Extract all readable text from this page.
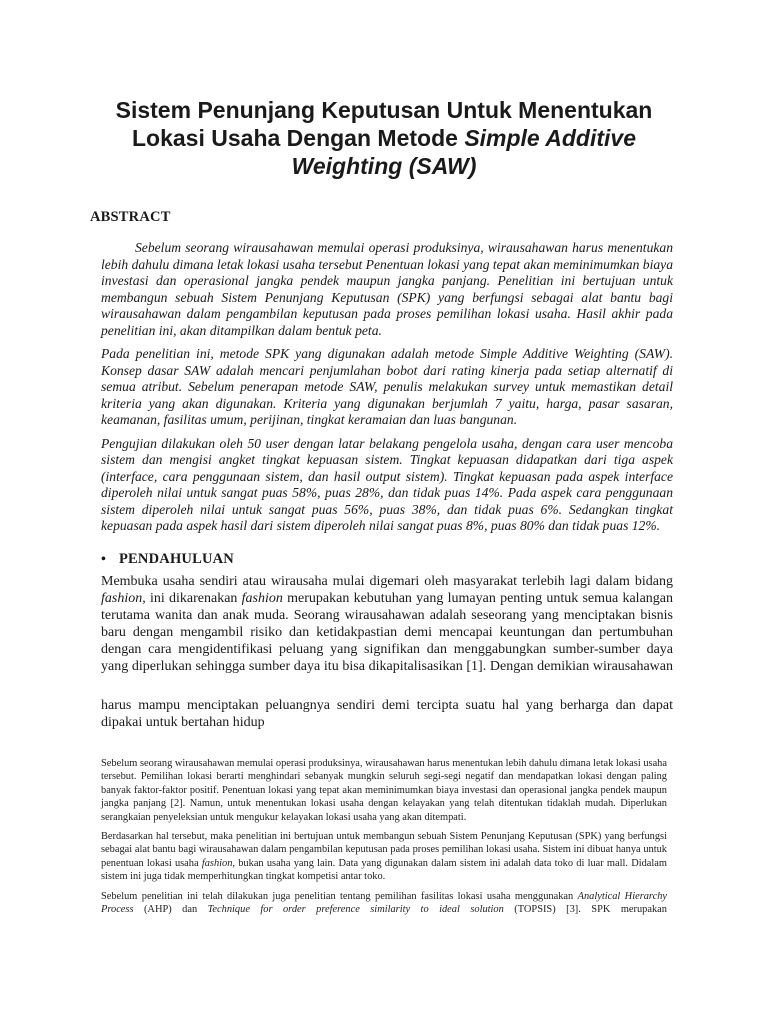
Sistem Penunjang Keputusan Untuk Menentukan
Lokasi Usaha Dengan Metode Simple Additive
Weighting (SAW)
ABSTRACT

Sebelum seorang wirausahawan memulai operasi produksinya, wirausahawan harus menentukan lebih dahulu dimana letak lokasi usaha tersebut Penentuan lokasi yang tepat akan meminimumkan biaya investasi dan operasional jangka pendek maupun jangka panjang. Penelitian ini bertujuan untuk membangun sebuah Sistem Penunjang Keputusan (SPK) yang berfungsi sebagai alat bantu bagi wirausahawan dalam pengambilan keputusan pada proses pemilihan lokasi usaha. Hasil akhir pada penelitian ini, akan ditampilkan dalam bentuk peta.

Pada penelitian ini, metode SPK yang digunakan adalah metode Simple Additive Weighting (SAW). Konsep dasar SAW adalah mencari penjumlahan bobot dari rating kinerja pada setiap alternatif di semua atribut. Sebelum penerapan metode SAW, penulis melakukan survey untuk memastikan detail kriteria yang akan digunakan. Kriteria yang digunakan berjumlah 7 yaitu, harga, pasar sasaran, keamanan, fasilitas umum, perijinan, tingkat keramaian dan luas bangunan.

Pengujian dilakukan oleh 50 user dengan latar belakang pengelola usaha, dengan cara user mencoba sistem dan mengisi angket tingkat kepuasan sistem. Tingkat kepuasan didapatkan dari tiga aspek (interface, cara penggunaan sistem, dan hasil output sistem). Tingkat kepuasan pada aspek interface diperoleh nilai untuk sangat puas 58%, puas 28%, dan tidak puas 14%. Pada aspek cara penggunaan sistem diperoleh nilai untuk sangat puas 56%, puas 38%, dan tidak puas 6%. Sedangkan tingkat kepuasan pada aspek hasil dari sistem diperoleh nilai sangat puas 8%, puas 80% dan tidak puas 12%.

• PENDAHULUAN

Membuka usaha sendiri atau wirausaha mulai digemari oleh masyarakat terlebih lagi dalam bidang fashion, ini dikarenakan fashion merupakan kebutuhan yang lumayan penting untuk semua kalangan terutama wanita dan anak muda. Seorang wirausahawan adalah seseorang yang menciptakan bisnis baru dengan mengambil risiko dan ketidakpastian demi mencapai keuntungan dan pertumbuhan dengan cara mengidentifikasi peluang yang signifikan dan menggabungkan sumber-sumber daya yang diperlukan sehingga sumber daya itu bisa dikapitalisasikan [1]. Dengan demikian wirausahawan

harus mampu menciptakan peluangnya sendiri demi tercipta suatu hal yang berharga dan dapat dipakai untuk bertahan hidup

Sebelum seorang wirausahawan memulai operasi produksinya, wirausahawan harus menentukan lebih dahulu dimana letak lokasi usaha tersebut. Pemilihan lokasi berarti menghindari sebanyak mungkin seluruh segi-segi negatif dan mendapatkan lokasi dengan paling banyak faktor-faktor positif. Penentuan lokasi yang tepat akan meminimumkan biaya investasi dan operasional jangka pendek maupun jangka panjang [2]. Namun, untuk menentukan lokasi usaha dengan kelayakan yang telah ditentukan tidaklah mudah. Diperlukan serangkaian penyeleksian untuk mengukur kelayakan lokasi usaha yang akan ditempati.

Berdasarkan hal tersebut, maka penelitian ini bertujuan untuk membangun sebuah Sistem Penunjang Keputusan (SPK) yang berfungsi sebagai alat bantu bagi wirausahawan dalam pengambilan keputusan pada proses pemilihan lokasi usaha. Sistem ini dibuat hanya untuk penentuan lokasi usaha fashion, bukan usaha yang lain. Data yang digunakan dalam sistem ini adalah data toko di luar mall. Didalam sistem ini juga tidak memperhitungkan tingkat kompetisi antar toko.

Sebelum penelitian ini telah dilakukan juga penelitian tentang pemilihan fasilitas lokasi usaha menggunakan Analytical Hierarchy Process (AHP) dan Technique for order preference similarity to ideal solution (TOPSIS) [3]. SPK merupakan
